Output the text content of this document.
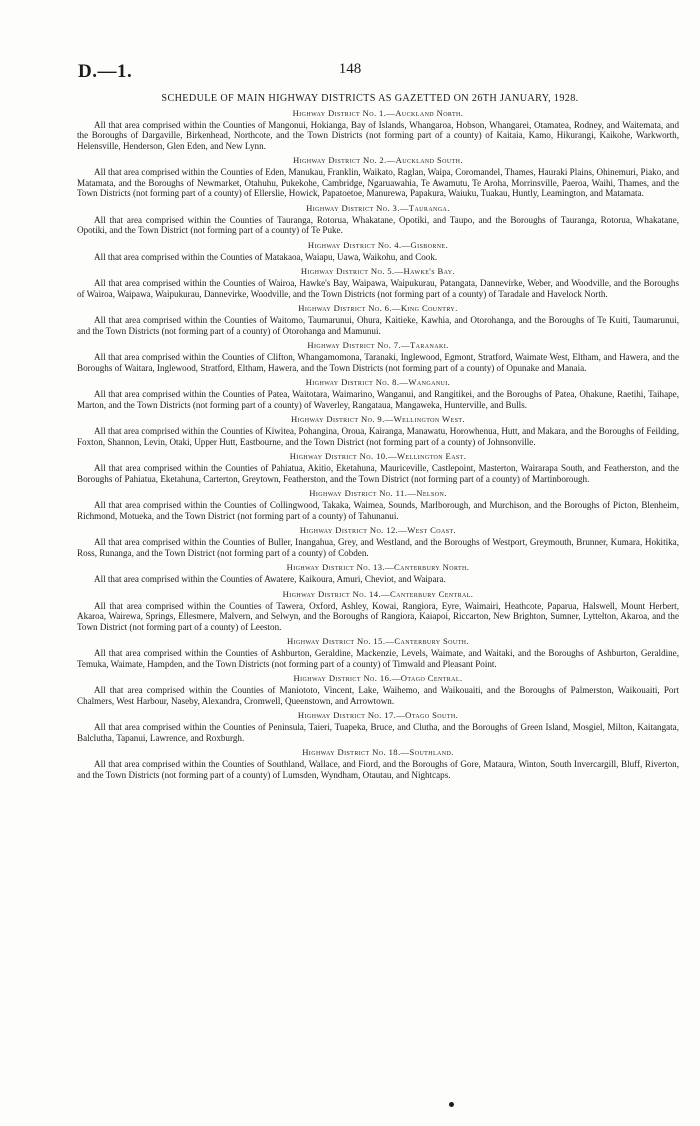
D.—1.	148
SCHEDULE OF MAIN HIGHWAY DISTRICTS AS GAZETTED ON 26TH JANUARY, 1928.
Highway District No. 1.—Auckland North.

All that area comprised within the Counties of Mangonui, Hokianga, Bay of Islands, Whangaroa, Hobson, Whangarei, Otamatea, Rodney, and Waitemata, and the Boroughs of Dargaville, Birkenhead, Northcote, and the Town Districts (not forming part of a county) of Kaitaia, Kamo, Hikurangi, Kaikohe, Warkworth, Helensville, Henderson, Glen Eden, and New Lynn.

Highway District No. 2.—Auckland South.

All that area comprised within the Counties of Eden, Manukau, Franklin, Waikato, Raglan, Waipa, Coromandel, Thames, Hauraki Plains, Ohinemuri, Piako, and Matamata, and the Boroughs of Newmarket, Otahuhu, Pukekohe, Cambridge, Ngaruawahia, Te Awamutu, Te Aroha, Morrinsville, Paeroa, Waihi, Thames, and the Town Districts (not forming part of a county) of Ellerslie, Howick, Papatoetoe, Manurewa, Papakura, Waiuku, Tuakau, Huntly, Leamington, and Matamata.

Highway District No. 3.—Tauranga.

All that area comprised within the Counties of Tauranga, Rotorua, Whakatane, Opotiki, and Taupo, and the Boroughs of Tauranga, Rotorua, Whakatane, Opotiki, and the Town District (not forming part of a county) of Te Puke.

Highway District No. 4.—Gisborne.

All that area comprised within the Counties of Matakaoa, Waiapu, Uawa, Waikohu, and Cook.

Highway District No. 5.—Hawke's Bay.

All that area comprised within the Counties of Wairoa, Hawke's Bay, Waipawa, Waipukurau, Patangata, Dannevirke, Weber, and Woodville, and the Boroughs of Wairoa, Waipawa, Waipukurau, Dannevirke, Woodville, and the Town Districts (not forming part of a county) of Taradale and Havelock North.

Highway District No. 6.—King Country.

All that area comprised within the Counties of Waitomo, Taumarunui, Ohura, Kaitieke, Kawhia, and Otorohanga, and the Boroughs of Te Kuiti, Taumarunui, and the Town Districts (not forming part of a county) of Otorohanga and Mamunui.

Highway District No. 7.—Taranaki.

All that area comprised within the Counties of Clifton, Whangamomona, Taranaki, Inglewood, Egmont, Stratford, Waimate West, Eltham, and Hawera, and the Boroughs of Waitara, Inglewood, Stratford, Eltham, Hawera, and the Town Districts (not forming part of a county) of Opunake and Manaia.

Highway District No. 8.—Wanganui.

All that area comprised within the Counties of Patea, Waitotara, Waimarino, Wanganui, and Rangitikei, and the Boroughs of Patea, Ohakune, Raetihi, Taihape, Marton, and the Town Districts (not forming part of a county) of Waverley, Rangataua, Mangaweka, Hunterville, and Bulls.

Highway District No. 9.—Wellington West.

All that area comprised within the Counties of Kiwitea, Pohangina, Oroua, Kairanga, Manawatu, Horowhenua, Hutt, and Makara, and the Boroughs of Feilding, Foxton, Shannon, Levin, Otaki, Upper Hutt, Eastbourne, and the Town District (not forming part of a county) of Johnsonville.

Highway District No. 10.—Wellington East.

All that area comprised within the Counties of Pahiatua, Akitio, Eketahuna, Mauriceville, Castlepoint, Masterton, Wairarapa South, and Featherston, and the Boroughs of Pahiatua, Eketahuna, Carterton, Greytown, Featherston, and the Town District (not forming part of a county) of Martinborough.

Highway District No. 11.—Nelson.

All that area comprised within the Counties of Collingwood, Takaka, Waimea, Sounds, Marlborough, and Murchison, and the Boroughs of Picton, Blenheim, Richmond, Motueka, and the Town District (not forming part of a county) of Tahunanui.

Highway District No. 12.—West Coast.

All that area comprised within the Counties of Buller, Inangahua, Grey, and Westland, and the Boroughs of Westport, Greymouth, Brunner, Kumara, Hokitika, Ross, Runanga, and the Town District (not forming part of a county) of Cobden.

Highway District No. 13.—Canterbury North.

All that area comprised within the Counties of Awatere, Kaikoura, Amuri, Cheviot, and Waipara.

Highway District No. 14.—Canterbury Central.

All that area comprised within the Counties of Tawera, Oxford, Ashley, Kowai, Rangiora, Eyre, Waimairi, Heathcote, Paparua, Halswell, Mount Herbert, Akaroa, Wairewa, Springs, Ellesmere, Malvern, and Selwyn, and the Boroughs of Rangiora, Kaiapoi, Riccarton, New Brighton, Sumner, Lyttelton, Akaroa, and the Town District (not forming part of a county) of Leeston.

Highway District No. 15.—Canterbury South.

All that area comprised within the Counties of Ashburton, Geraldine, Mackenzie, Levels, Waimate, and Waitaki, and the Boroughs of Ashburton, Geraldine, Temuka, Waimate, Hampden, and the Town Districts (not forming part of a county) of Timwald and Pleasant Point.

Highway District No. 16.—Otago Central.

All that area comprised within the Counties of Maniototo, Vincent, Lake, Waihemo, and Waikouaiti, and the Boroughs of Palmerston, Waikouaiti, Port Chalmers, West Harbour, Naseby, Alexandra, Cromwell, Queenstown, and Arrowtown.

Highway District No. 17.—Otago South.

All that area comprised within the Counties of Peninsula, Taieri, Tuapeka, Bruce, and Clutha, and the Boroughs of Green Island, Mosgiel, Milton, Kaitangata, Balclutha, Tapanui, Lawrence, and Roxburgh.

Highway District No. 18.—Southland.

All that area comprised within the Counties of Southland, Wallace, and Fiord, and the Boroughs of Gore, Mataura, Winton, South Invercargill, Bluff, Riverton, and the Town Districts (not forming part of a county) of Lumsden, Wyndham, Otautau, and Nightcaps.
